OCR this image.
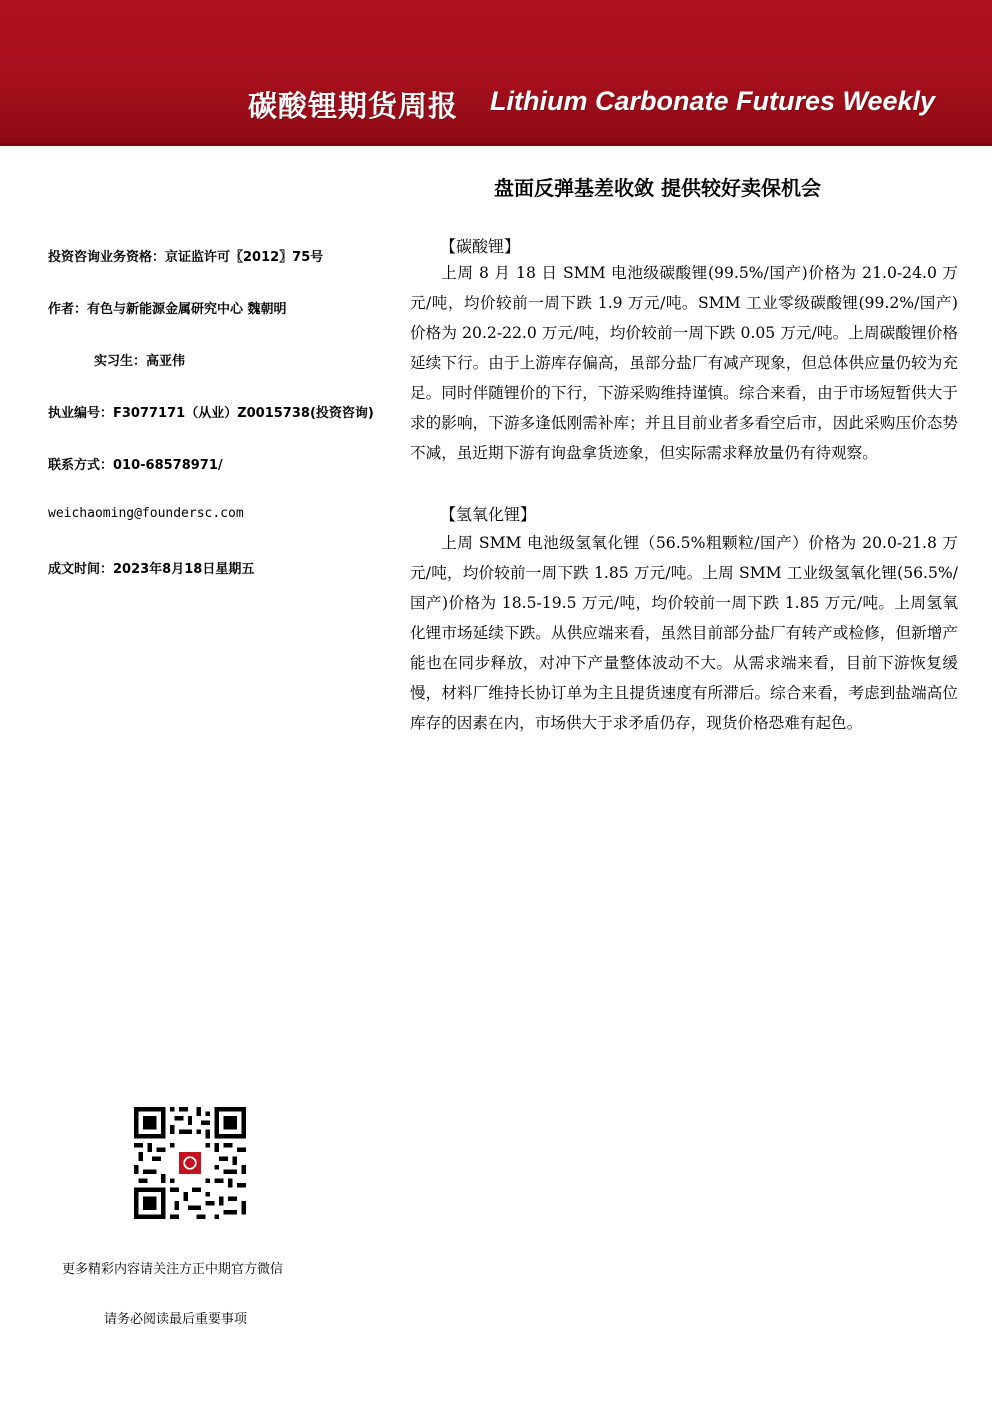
碳酸锂期货周报 Lithium Carbonate Futures Weekly
盘面反弹基差收敛 提供较好卖保机会
投资咨询业务资格：京证监许可〖2012〗75号
作者：有色与新能源金属研究中心 魏朝明
实习生：高亚伟
执业编号：F3077171（从业）Z0015738(投资咨询)
联系方式：010-68578971/
weichaoming@foundersc.com
成文时间：2023年8月18日星期五
【碳酸锂】
上周 8 月 18 日 SMM 电池级碳酸锂(99.5%/国产)价格为 21.0-24.0 万元/吨，均价较前一周下跌 1.9 万元/吨。SMM 工业零级碳酸锂(99.2%/国产)价格为 20.2-22.0 万元/吨，均价较前一周下跌 0.05 万元/吨。上周碳酸锂价格延续下行。由于上游库存偏高，虽部分盐厂有减产现象，但总体供应量仍较为充足。同时伴随锂价的下行，下游采购维持谨慎。综合来看，由于市场短暂供大于求的影响，下游多逢低刚需补库；并且目前业者多看空后市，因此采购压价态势不减，虽近期下游有询盘拿货迹象，但实际需求释放量仍有待观察。
【氢氧化锂】
上周 SMM 电池级氢氧化锂（56.5%粗颗粒/国产）价格为 20.0-21.8 万元/吨，均价较前一周下跌 1.85 万元/吨。上周 SMM 工业级氢氧化锂(56.5%/国产)价格为 18.5-19.5 万元/吨，均价较前一周下跌 1.85 万元/吨。上周氢氧化锂市场延续下跌。从供应端来看，虽然目前部分盐厂有转产或检修，但新增产能也在同步释放，对冲下产量整体波动不大。从需求端来看，目前下游恢复缓慢，材料厂维持长协订单为主且提货速度有所滞后。综合来看，考虑到盐端高位库存的因素在内，市场供大于求矛盾仍存，现货价格恐难有起色。
更多精彩内容请关注方正中期官方微信
请务必阅读最后重要事项
